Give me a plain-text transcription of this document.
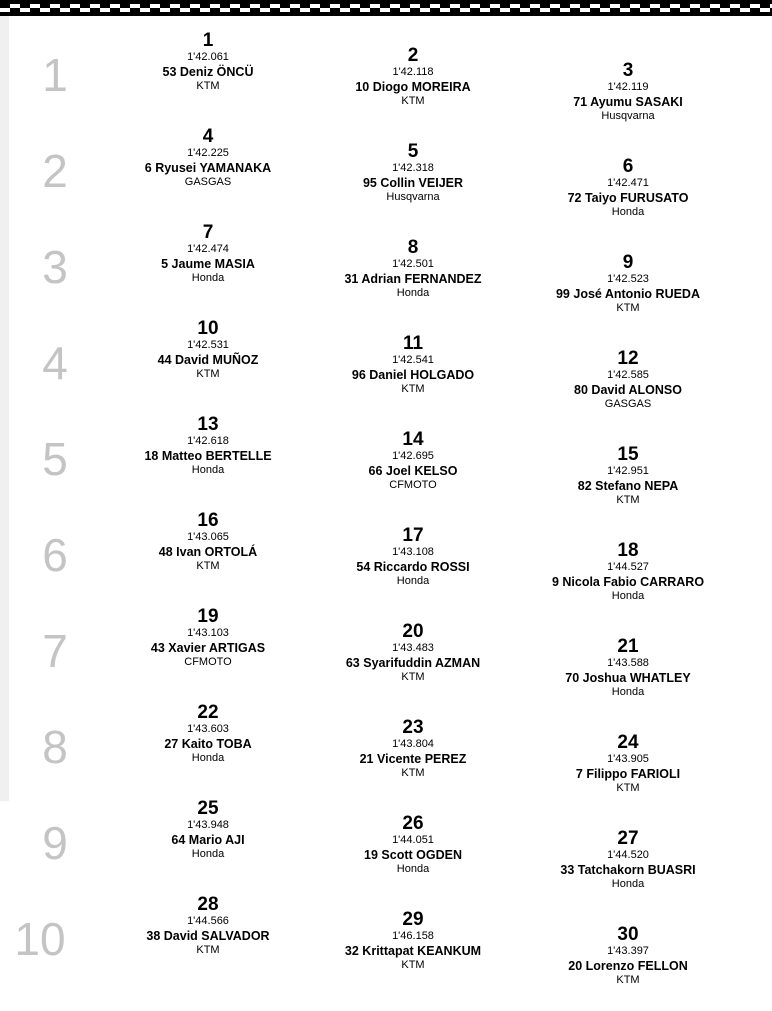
1
2
3
4
5
6
7
8
9
10
1
1'42.061
53 Deniz ÖNCÜ
KTM
2
1'42.118
10 Diogo MOREIRA
KTM
3
1'42.119
71 Ayumu SASAKI
Husqvarna
4
1'42.225
6 Ryusei YAMANAKA
GASGAS
5
1'42.318
95 Collin VEIJER
Husqvarna
6
1'42.471
72 Taiyo FURUSATO
Honda
7
1'42.474
5 Jaume MASIA
Honda
8
1'42.501
31 Adrian FERNANDEZ
Honda
9
1'42.523
99 José Antonio RUEDA
KTM
10
1'42.531
44 David MUÑOZ
KTM
11
1'42.541
96 Daniel HOLGADO
KTM
12
1'42.585
80 David ALONSO
GASGAS
13
1'42.618
18 Matteo BERTELLE
Honda
14
1'42.695
66 Joel KELSO
CFMOTO
15
1'42.951
82 Stefano NEPA
KTM
16
1'43.065
48 Ivan ORTOLÁ
KTM
17
1'43.108
54 Riccardo ROSSI
Honda
18
1'44.527
9 Nicola Fabio CARRARO
Honda
19
1'43.103
43 Xavier ARTIGAS
CFMOTO
20
1'43.483
63 Syarifuddin AZMAN
KTM
21
1'43.588
70 Joshua WHATLEY
Honda
22
1'43.603
27 Kaito TOBA
Honda
23
1'43.804
21 Vicente PEREZ
KTM
24
1'43.905
7 Filippo FARIOLI
KTM
25
1'43.948
64 Mario AJI
Honda
26
1'44.051
19 Scott OGDEN
Honda
27
1'44.520
33 Tatchakorn BUASRI
Honda
28
1'44.566
38 David SALVADOR
KTM
29
1'46.158
32 Krittapat KEANKUM
KTM
30
1'43.397
20 Lorenzo FELLON
KTM
